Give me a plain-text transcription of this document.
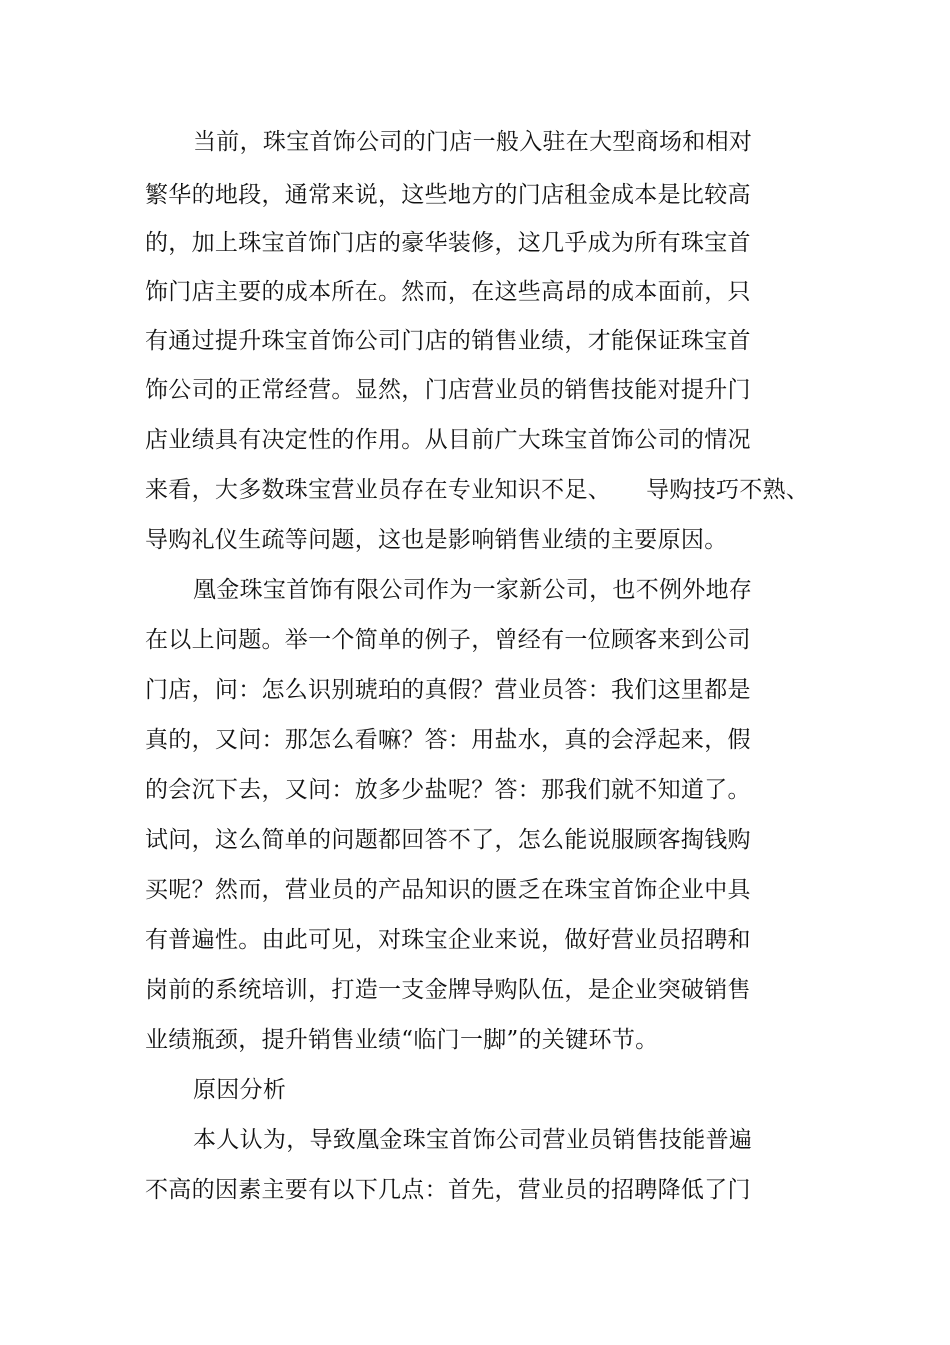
当前，珠宝首饰公司的门店一般入驻在大型商场和相对
繁华的地段，通常来说，这些地方的门店租金成本是比较高
的，加上珠宝首饰门店的豪华装修，这几乎成为所有珠宝首
饰门店主要的成本所在。然而，在这些高昂的成本面前，只
有通过提升珠宝首饰公司门店的销售业绩，才能保证珠宝首
饰公司的正常经营。显然，门店营业员的销售技能对提升门
店业绩具有决定性的作用。从目前广大珠宝首饰公司的情况
来看，大多数珠宝营业员存在专业知识不足、　　导购技巧不熟、
导购礼仪生疏等问题，这也是影响销售业绩的主要原因。
凰金珠宝首饰有限公司作为一家新公司，也不例外地存
在以上问题。举一个简单的例子，曾经有一位顾客来到公司
门店，问：怎么识别琥珀的真假？营业员答：我们这里都是
真的，又问：那怎么看嘛？答：用盐水，真的会浮起来，假
的会沉下去，又问：放多少盐呢？答：那我们就不知道了。
试问，这么简单的问题都回答不了，怎么能说服顾客掏钱购
买呢？然而，营业员的产品知识的匮乏在珠宝首饰企业中具
有普遍性。由此可见，对珠宝企业来说，做好营业员招聘和
岗前的系统培训，打造一支金牌导购队伍，是企业突破销售
业绩瓶颈，提升销售业绩“临门一脚”的关键环节。
原因分析
本人认为，导致凰金珠宝首饰公司营业员销售技能普遍
不高的因素主要有以下几点：首先，营业员的招聘降低了门
